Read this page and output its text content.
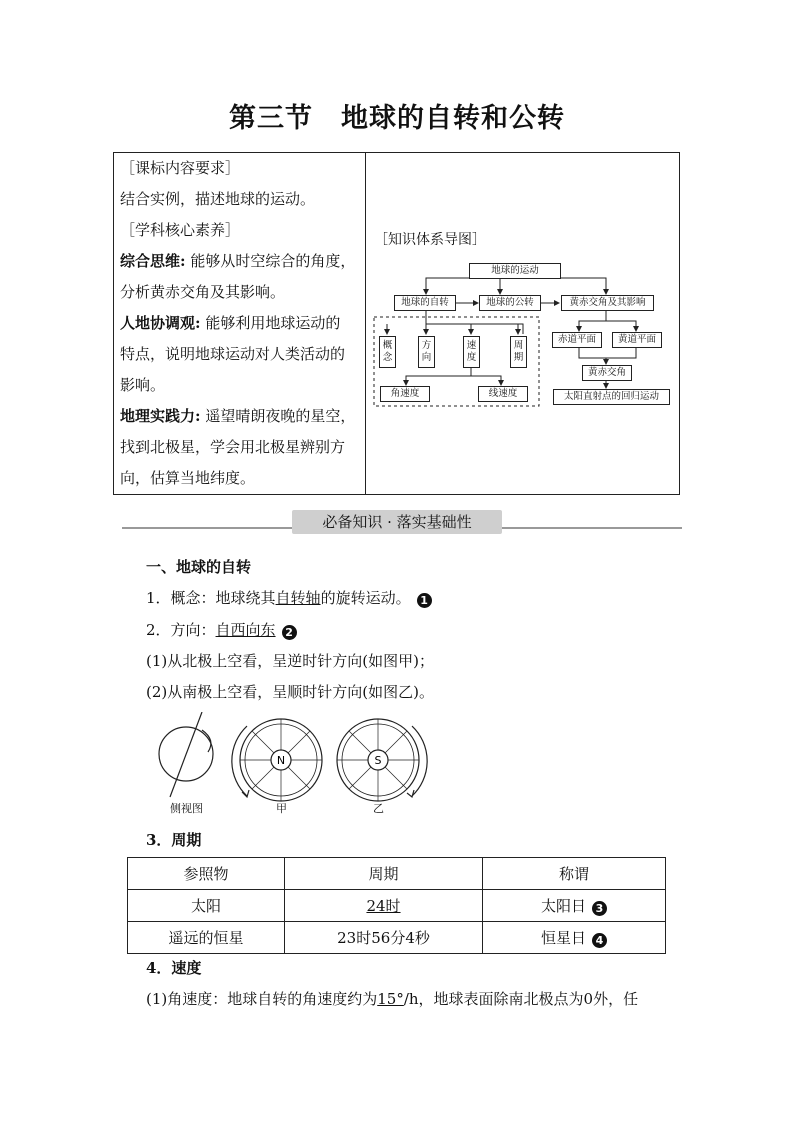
第三节 地球的自转和公转

［课标内容要求］

结合实例，描述地球的运动。

［学科核心素养］

综合思维: 能够从时空综合的角度，

分析黄赤交角及其影响。

人地协调观: 能够利用地球运动的

特点，说明地球运动对人类活动的

影响。

地理实践力: 遥望晴朗夜晚的星空，

找到北极星，学会用北极星辨别方

向，估算当地纬度。

［知识体系导图］
地球的运动
地球的自转	地球的公转	黄赤交角及其影响
概念
方向
速度
周期
角速度	线速度
赤道平面	黄道平面
黄赤交角
太阳直射点的回归运动
必备知识 · 落实基础性
一、地球的自转
1．概念：地球绕其自转轴的旋转运动。 1
2．方向：自西向东 2
(1)从北极上空看，呈逆时针方向(如图甲)；
(2)从南极上空看，呈顺时针方向(如图乙)。
N	S
侧视图	甲	乙
3．周期
参照物	周期	称谓
太阳	24时	太阳日 3
遥远的恒星	23时56分4秒	恒星日 4
4．速度
(1)角速度：地球自转的角速度约为15°/h，地球表面除南北极点为0外，任
